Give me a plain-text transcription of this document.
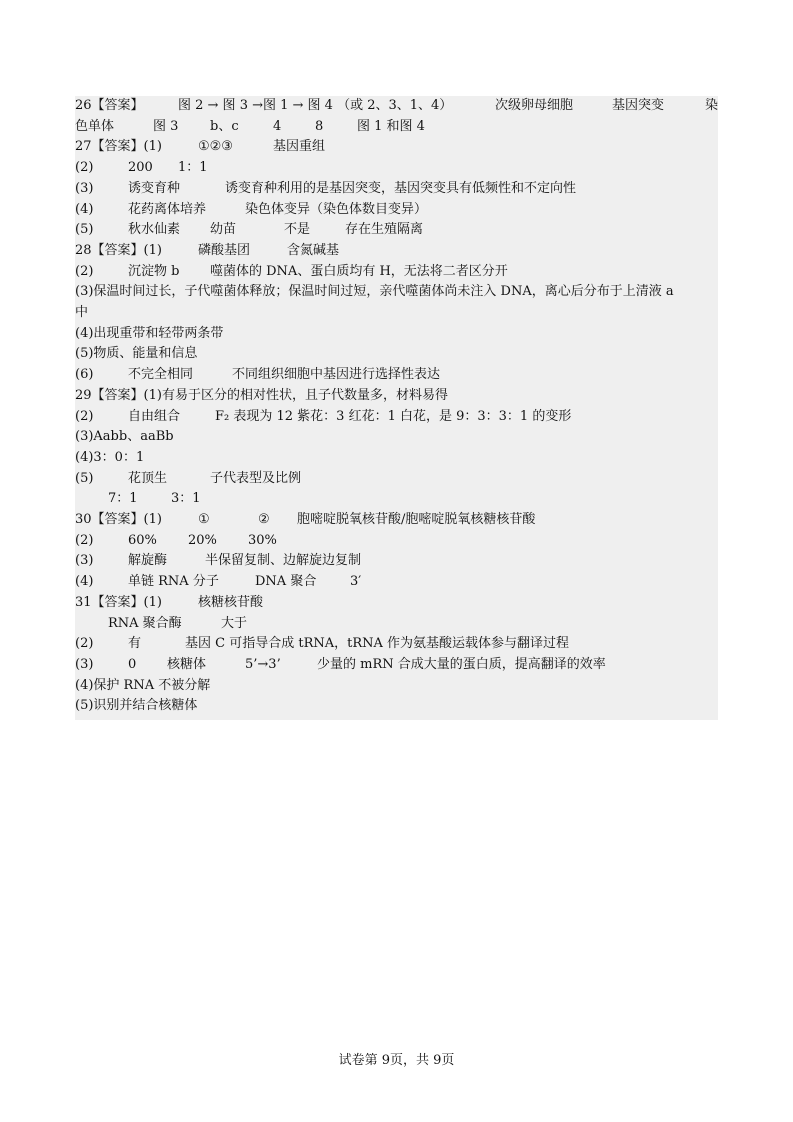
26【答案】	图 2 → 图 3 →图 1 → 图 4 （或 2、3、1、4）	次级卵母细胞	基因突变	染
色单体	图 3 b、c	4	8	图 1 和图 4
27【答案】(1)	①②③	基因重组
(2)	200 1：1
(3)	诱变育种	诱变育种利用的是基因突变，基因突变具有低频性和不定向性
(4)	花药离体培养	染色体变异（染色体数目变异）
(5)	秋水仙素 幼苗	不是	存在生殖隔离
28【答案】(1)	磷酸基团	含氮碱基
(2)	沉淀物 b 噬菌体的 DNA、蛋白质均有 H，无法将二者区分开
(3)保温时间过长，子代噬菌体释放；保温时间过短，亲代噬菌体尚未注入 DNA，离心后分布于上清液 a
中
(4)出现重带和轻带两条带
(5)物质、能量和信息
(6)	不完全相同	不同组织细胞中基因进行选择性表达
29【答案】(1)有易于区分的相对性状，且子代数量多，材料易得
(2)	自由组合	F₂ 表现为 12 紫花：3 红花：1 白花，是 9：3：3：1 的变形
(3)Aabb、aaBb
(4)3：0：1
(5)	花顶生	子代表型及比例
7：1	3：1
30【答案】(1)	①	② 胞嘧啶脱氧核苷酸/胞嘧啶脱氧核糖核苷酸
(2)	60% 20% 30%
(3)	解旋酶	半保留复制、边解旋边复制
(4)	单链 RNA 分子	DNA 聚合	3′
31【答案】(1)	核糖核苷酸
RNA 聚合酶	大于
(2)	有	基因 C 可指导合成 tRNA，tRNA 作为氨基酸运载体参与翻译过程
(3)	0 核糖体	5’→3’	少量的 mRN 合成大量的蛋白质，提高翻译的效率
(4)保护 RNA 不被分解
(5)识别并结合核糖体
试卷第 9页，共 9页
